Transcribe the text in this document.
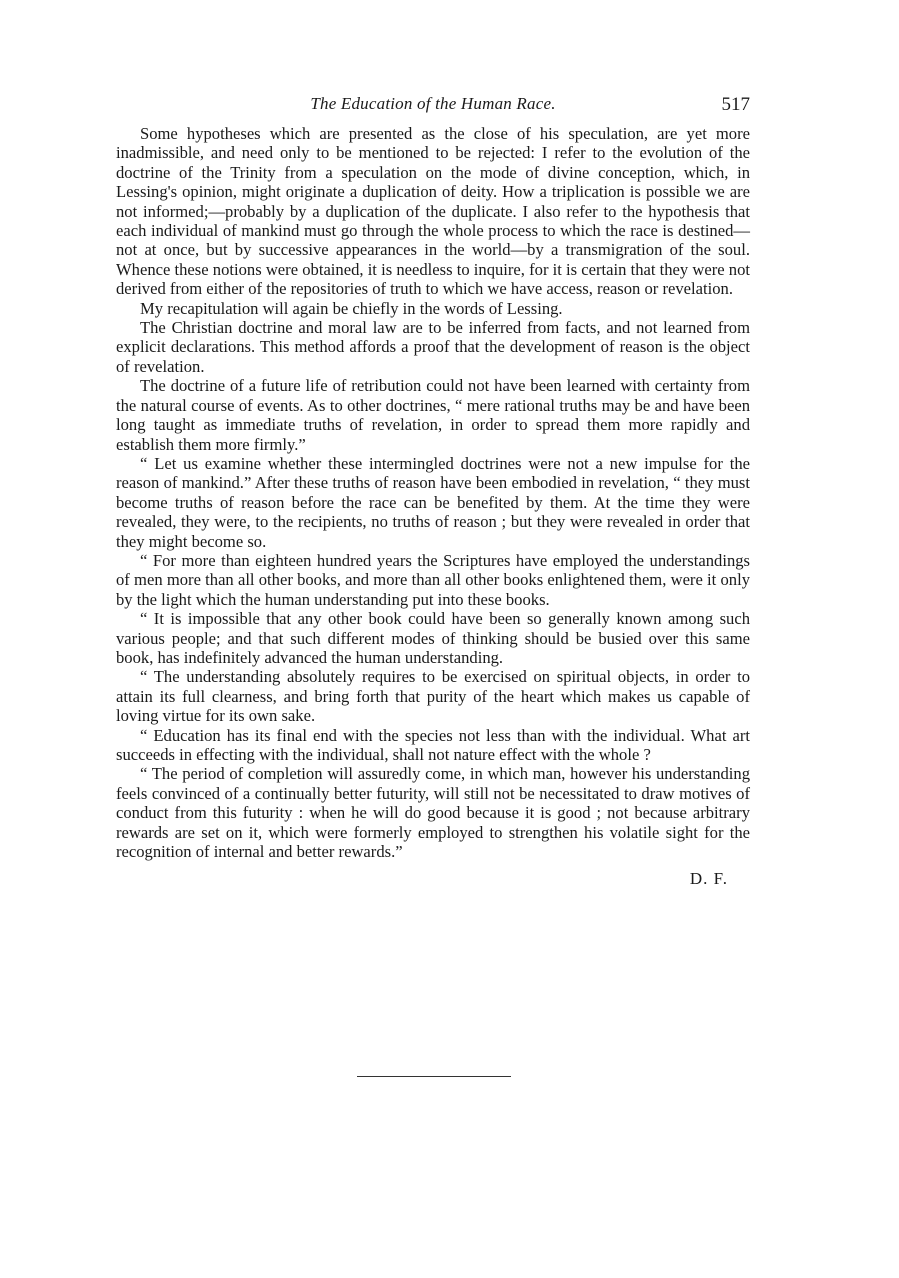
The Education of the Human Race.	517

Some hypotheses which are presented as the close of his speculation, are yet more inadmissible, and need only to be mentioned to be rejected: I refer to the evolution of the doctrine of the Trinity from a speculation on the mode of divine conception, which, in Lessing's opinion, might originate a duplication of deity. How a triplication is possible we are not informed;—probably by a duplication of the duplicate. I also refer to the hypothesis that each individual of mankind must go through the whole process to which the race is destined—not at once, but by successive appearances in the world—by a transmigration of the soul. Whence these notions were obtained, it is needless to inquire, for it is certain that they were not derived from either of the repositories of truth to which we have access, reason or revelation.

My recapitulation will again be chiefly in the words of Lessing.

The Christian doctrine and moral law are to be inferred from facts, and not learned from explicit declarations. This method affords a proof that the development of reason is the object of revelation.

The doctrine of a future life of retribution could not have been learned with certainty from the natural course of events. As to other doctrines, “ mere rational truths may be and have been long taught as immediate truths of revelation, in order to spread them more rapidly and establish them more firmly.”

“ Let us examine whether these intermingled doctrines were not a new impulse for the reason of mankind.” After these truths of reason have been embodied in revelation, “ they must become truths of reason before the race can be benefited by them. At the time they were revealed, they were, to the recipients, no truths of reason ; but they were revealed in order that they might become so.

“ For more than eighteen hundred years the Scriptures have employed the understandings of men more than all other books, and more than all other books enlightened them, were it only by the light which the human understanding put into these books.

“ It is impossible that any other book could have been so generally known among such various people; and that such different modes of thinking should be busied over this same book, has indefinitely advanced the human understanding.

“ The understanding absolutely requires to be exercised on spiritual objects, in order to attain its full clearness, and bring forth that purity of the heart which makes us capable of loving virtue for its own sake.

“ Education has its final end with the species not less than with the individual. What art succeeds in effecting with the individual, shall not nature effect with the whole ?

“ The period of completion will assuredly come, in which man, however his understanding feels convinced of a continually better futurity, will still not be necessitated to draw motives of conduct from this futurity : when he will do good because it is good ; not because arbitrary rewards are set on it, which were formerly employed to strengthen his volatile sight for the recognition of internal and better rewards.”

D. F.
